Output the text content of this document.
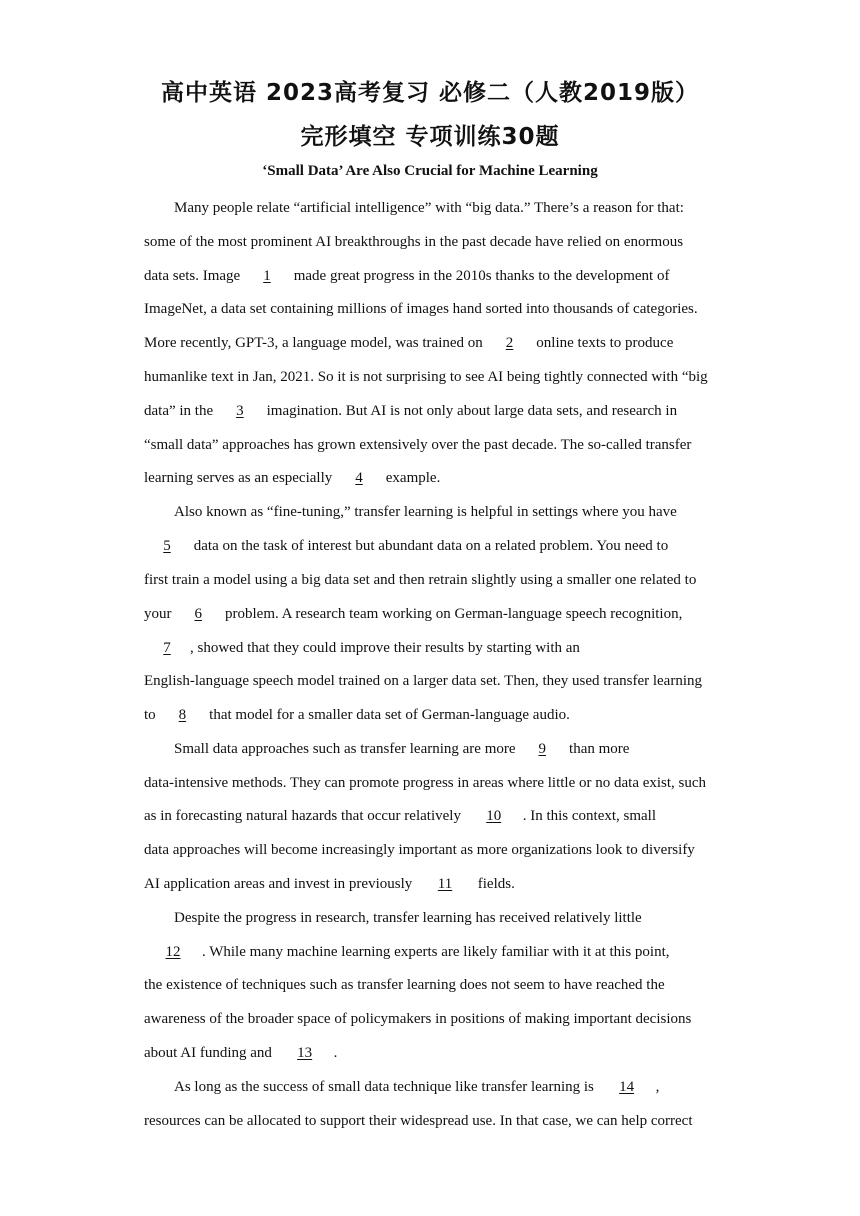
高中英语 2023高考复习 必修二（人教2019版）
完形填空 专项训练30题
‘Small Data’ Are Also Crucial for Machine Learning
Many people relate “artificial intelligence” with “big data.” There’s a reason for that:
some of the most prominent AI breakthroughs in the past decade have relied on enormous
data sets. Image 1 made great progress in the 2010s thanks to the development of
ImageNet, a data set containing millions of images hand sorted into thousands of categories.
More recently, GPT-3, a language model, was trained on 2 online texts to produce
humanlike text in Jan, 2021. So it is not surprising to see AI being tightly connected with “big
data” in the 3 imagination. But AI is not only about large data sets, and research in
“small data” approaches has grown extensively over the past decade. The so-called transfer
learning serves as an especially 4 example.
Also known as “fine-tuning,” transfer learning is helpful in settings where you have
5 data on the task of interest but abundant data on a related problem. You need to
first train a model using a big data set and then retrain slightly using a smaller one related to
your 6 problem. A research team working on German-language speech recognition,
7 , showed that they could improve their results by starting with an
English-language speech model trained on a larger data set. Then, they used transfer learning
to 8 that model for a smaller data set of German-language audio.
Small data approaches such as transfer learning are more 9 than more
data-intensive methods. They can promote progress in areas where little or no data exist, such
as in forecasting natural hazards that occur relatively 10 . In this context, small
data approaches will become increasingly important as more organizations look to diversify
AI application areas and invest in previously 11 fields.
Despite the progress in research, transfer learning has received relatively little
12 . While many machine learning experts are likely familiar with it at this point,
the existence of techniques such as transfer learning does not seem to have reached the
awareness of the broader space of policymakers in positions of making important decisions
about AI funding and 13 .
As long as the success of small data technique like transfer learning is 14 ,
resources can be allocated to support their widespread use. In that case, we can help correct
